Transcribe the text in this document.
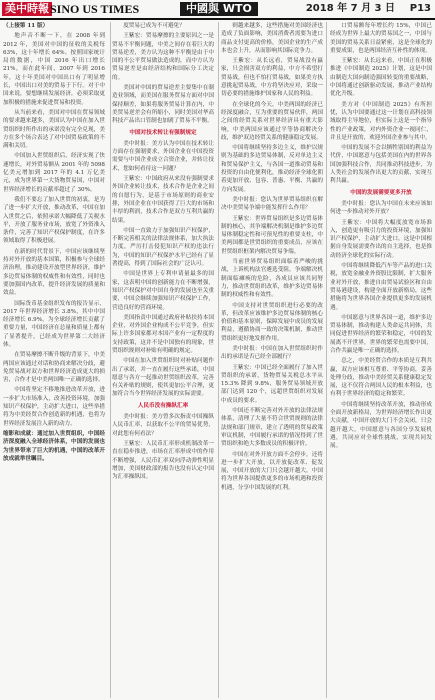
美中時報 SINO US TIMES	中國與 WTO	2018 年 7 月 3 日 P13

（上接第 11 版）

地声音不断一下，在 2008 年到 2012 年，美国对中国的征收的关税每 63%，这十年增长 64%。按照国家统计局的数据，中国 2016 年出口增长 21%，而在此年间，2007 年到 2016 年，这十年美国对中国出口有了明显增长，中国出口对美的贸易于下行。对于中国来说，要想继续发展经济，必须采取更加积极的措施来促进贸易和投资。

从当前来看，美国对中国在贸易领域的要求越来越多，美国认为中国在加入世贸组织时所作出的承诺没有完全兑现，美方在多个场合表达了对中国贸易政策的不满和关切。

中国加入世贸组织后，经济实现了快速增长，对外贸易额从 2001 年的 5098 亿美元增加到 2017 年的 4.1 万亿美元，成为世界第一大货物贸易国，中国对世界经济增长的贡献率超过了 30%。

我们不要忘了加入世贸的初衷，是为了进一步扩大开放，推动改革，中国在加入世贸之后，依照承诺大幅降低了关税水平，开放了服务业市场，放宽了外资准入条件，完善了知识产权保护制度，在许多领域取得了积极进展。

在新的时代背景下，中国应该继续坚持对外开放的基本国策，积极参与全球经济治理，推动建设开放型世界经济，维护多边贸易体制的权威性和有效性，同时也要加强国内改革，提升经济发展的质量和效益。

国际货币基金组织发布的报告显示，2017 年世界经济增长 3.8%，其中中国经济增长 6.9%，为全球经济增长贡献了重要力量，中国经济在总量和质量上都有了显著提升，已经成为世界第二大经济体。

在贸易摩擦不断升级的背景下，中美两国应该通过对话和协商来解决分歧，避免贸易战对双方和世界经济造成更大的损害，合作才是中美两国唯一正确的选择。

中国将坚定不移地推进改革开放，进一步扩大市场准入，改善投资环境，加强知识产权保护，主动扩大进口，这些举措将为中美经贸合作创造新的机遇，也将为世界经济发展注入新的动力。

缩影和成就：通过加入世贸组织，中国经济深度融入全球经济体系，中国的发展也为世界带来了巨大的机遇，中国的改革开放成就举世瞩目。

度贸易已成为不可避免？

王紫宏：贸易摩擦的主要原因之一是贸易不平衡问题，中美之间存在着巨大的贸易逆差，美方认为这种不平衡是由于中国的不公平贸易做法造成的，而中方认为贸易逆差是由经济结构和国际分工决定的。

美国对中国的贸易逆差主要集中在制造业领域，而美国在服务贸易方面对中国保持顺差，如果将服务贸易计算在内，中美贸易逆差会有所缩小，同时美国对华高科技产品出口管制也加剧了贸易不平衡。

中国对技术转让有强制规定

美中时报：美方认为中国在技术转让方面存在强制要求，外国企业在中国投资需要与中国企业成立合资企业，并转让技术，您如何看待这一问题？

王紫宏：中国政府从来没有强制要求外国企业转让技术，技术合作是企业之间的自愿行为，是基于市场原则的商业安排，外国企业在中国获得了巨大的市场和丰厚的利润，技术合作是双方互利共赢的结果。

中国一直致力于加强知识产权保护，不断完善相关的法律法规体系，加大执法力度，严厉打击侵犯知识产权的违法行为，中国的知识产权保护水平已经有了显著提高，得到了国际社会的广泛认可。

中国是世界上专利申请量最多的国家，这表明中国的创新能力在不断增强，知识产权保护对中国自身的发展也至关重要，中国会继续加强知识产权保护工作，营造良好的营商环境。

美国指责中国通过政府补贴扶持本国企业，对外国企业构成不公平竞争，但实际上许多国家都对本国产业有一定程度的支持政策，这并不是中国独有的现象，世贸组织规则对补贴有明确的规定。

中国在加入世贸组织时对补贴问题作出了承诺，并一直在履行这些承诺，中国愿意与各方一起推动世贸组织改革，完善有关补贴的规则，使其更加公平合理，更加符合当今世界经济发展的实际需要。

人民币没有操纵汇率

美中时报：美方曾多次指责中国操纵人民币汇率，以获取不公平的贸易优势，对此您有何看法？

王紫宏：人民币汇率形成机制改革一直在稳步推进，市场在汇率形成中的作用不断增强，人民币汇率双向浮动弹性明显增加，美国财政部的报告也没有认定中国为汇率操纵国。

则越来越多，这些措施对美国经济也造成了负面影响，美国消费者需要为进口商品支付更高的价格，美国企业的生产成本也会上升，从而影响其国际竞争力。

王紫宏：从长远看，贸易战没有赢家，只会损害双方的利益，中方不希望打贸易战，但也不怕打贸易战，如果美方执意挑起贸易战，中方将坚决应对，采取一切必要的措施维护国家和人民的利益。

在全球化的今天，中美两国的经济已经深度融合，互为重要的贸易伙伴，两国之间的经贸关系对世界经济具有重大影响，中美两国应该通过平等协商解决分歧，维护双边经贸关系的健康稳定发展。

中国将继续坚持多边主义，维护以规则为基础的多边贸易体制，反对单边主义和贸易保护主义，与各国一道推动贸易和投资的自由化便利化，推动经济全球化朝着更加开放、包容、普惠、平衡、共赢的方向发展。

美中时报：您认为世界贸易组织在解决中美贸易争端中能发挥什么作用？

王紫宏：世界贸易组织是多边贸易体制的核心，其争端解决机制是维护多边贸易体制稳定性和可预见性的重要支柱，中美两国都是世贸组织的重要成员，应该在世贸组织框架内解决贸易争端。

当前世界贸易组织面临着严峻的挑战，上诉机构法官遴选受阻，争端解决机制面临瘫痪的危险，各成员应该共同努力，推动世贸组织改革，维护多边贸易体制的权威性和有效性。

中国支持对世贸组织进行必要的改革，但改革应该维护多边贸易体制的核心价值和基本原则，保障发展中成员的发展利益，遵循协商一致的决策机制，推动世贸组织更好地发挥作用。

美中时报：中国在加入世贸组织时作出的承诺是否已经全部履行？

王紫宏：中国已经全面履行了加入世贸组织的承诺，货物贸易关税总水平从 15.3% 降到 9.8%，服务贸易领域开放部门达到 120 个，远超世贸组织对发展中成员的要求。

中国还不断完善对外开放的法律法规体系，清理了大量不符合世贸规则的法律法规和部门规章，建立了透明的贸易政策审议机制，中国履行承诺的情况得到了世贸组织和绝大多数成员的积极评价。

中国在对外开放方面不会停步，还将进一步扩大开放，以开放促改革、促发展，中国开放的大门只会越开越大，中国将为世界各国提供更多的市场机遇和投资机遇，分享中国发展的红利。

口贸易额每年增长约 15%，中国已经成为世界上最大的贸易国之一，中国与美国的贸易关系日益紧密，这是全球化的重要成果，也是两国经济互补性的体现。

王紫宏：从长远来看，中国正在积极推进《中国制造 2025》计划，这是中国由制造大国向制造强国转变的重要战略，中国将通过创新驱动发展，推动产业结构优化升级。

美方对《中国制造 2025》有所担忧，认为中国要通过这一计划在高科技领域取得主导地位，但实际上这是一个指导性的产业政策，对内外资企业一视同仁，并且是开放的，欢迎外国企业参与其中。

中国的发展不会以牺牲别国的利益为代价，中国愿意与包括美国在内的世界各国加强科技合作，共同推动科技进步，为人类社会的发展作出更大的贡献，实现互利共赢。

中国的发展需要更多开放

美中时报：您认为中国在未来应该如何进一步推动对外开放？

王紫宏：中国将大幅度放宽市场准入，创造更有吸引力的投资环境，加强知识产权保护，主动扩大进口，这是中国根据自身发展需要作出的自主选择，也是推动经济全球化的实际行动。

中国将继续降低汽车等产品的进口关税，放宽金融业外资股比限制，扩大服务业对外开放，推进自由贸易试验区和自由贸易港建设，构建全面开放新格局，这些措施将为世界各国企业提供更多的发展机遇。

中国愿意与世界各国一道，维护多边贸易体制，推动构建人类命运共同体，共同促进世界经济的繁荣和稳定，中国的发展离不开世界，世界的繁荣也需要中国，合作共赢是唯一正确的选择。

总之，中美经贸合作的本质是互利共赢，双方应该相互尊重、平等协商，妥善处理分歧，推动中美经贸关系健康稳定发展，这不仅符合两国人民的根本利益，也有利于世界经济的稳定和繁荣。

中国将继续坚持改革开放，推动形成全面开放新格局，为世界经济增长作出更大贡献，中国开放的大门不会关闭，只会越开越大，中国愿意与各国分享发展机遇，共同应对全球性挑战，实现共同发展。
